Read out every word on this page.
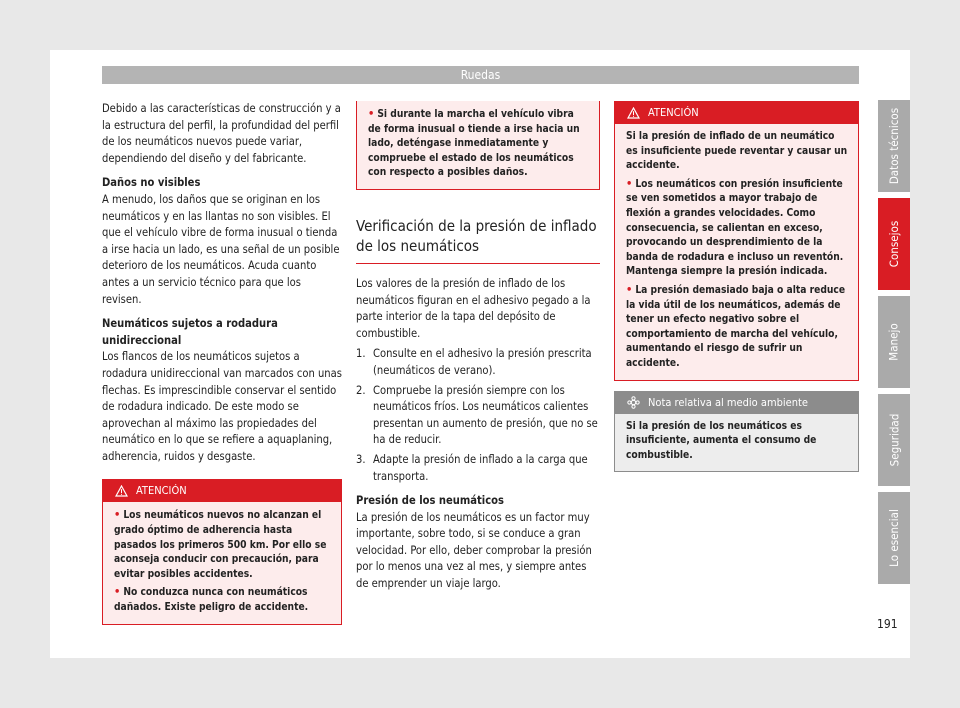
Ruedas

Debido a las características de construcción y a la estructura del perfil, la profundidad del perfil de los neumáticos nuevos puede variar, dependiendo del diseño y del fabricante.

Daños no visibles

A menudo, los daños que se originan en los neumáticos y en las llantas no son visibles. El que el vehículo vibre de forma inusual o tienda a irse hacia un lado, es una señal de un posible deterioro de los neumáticos. Acuda cuanto antes a un servicio técnico para que los revisen.

Neumáticos sujetos a rodadura unidireccional

Los flancos de los neumáticos sujetos a rodadura unidireccional van marcados con unas flechas. Es imprescindible conservar el sentido de rodadura indicado. De este modo se aprovechan al máximo las propiedades del neumático en lo que se refiere a aquaplaning, adherencia, ruidos y desgaste.

ATENCIÓN
• Los neumáticos nuevos no alcanzan el grado óptimo de adherencia hasta pasados los primeros 500 km. Por ello se aconseja conducir con precaución, para evitar posibles accidentes.
• No conduzca nunca con neumáticos dañados. Existe peligro de accidente.
• Si durante la marcha el vehículo vibra de forma inusual o tiende a irse hacia un lado, deténgase inmediatamente y compruebe el estado de los neumáticos con respecto a posibles daños.
Verificación de la presión de inflado de los neumáticos

Los valores de la presión de inflado de los neumáticos figuran en el adhesivo pegado a la parte interior de la tapa del depósito de combustible.

1. Consulte en el adhesivo la presión prescrita (neumáticos de verano).
2. Compruebe la presión siempre con los neumáticos fríos. Los neumáticos calientes presentan un aumento de presión, que no se ha de reducir.
3. Adapte la presión de inflado a la carga que transporta.

Presión de los neumáticos

La presión de los neumáticos es un factor muy importante, sobre todo, si se conduce a gran velocidad. Por ello, deber comprobar la presión por lo menos una vez al mes, y siempre antes de emprender un viaje largo.

ATENCIÓN
Si la presión de inflado de un neumático es insuficiente puede reventar y causar un accidente.
• Los neumáticos con presión insuficiente se ven sometidos a mayor trabajo de flexión a grandes velocidades. Como consecuencia, se calientan en exceso, provocando un desprendimiento de la banda de rodadura e incluso un reventón. Mantenga siempre la presión indicada.
• La presión demasiado baja o alta reduce la vida útil de los neumáticos, además de tener un efecto negativo sobre el comportamiento de marcha del vehículo, aumentando el riesgo de sufrir un accidente.
Nota relativa al medio ambiente
Si la presión de los neumáticos es insuficiente, aumenta el consumo de combustible.
Datos técnicos
Consejos
Manejo
Seguridad
Lo esencial
191
